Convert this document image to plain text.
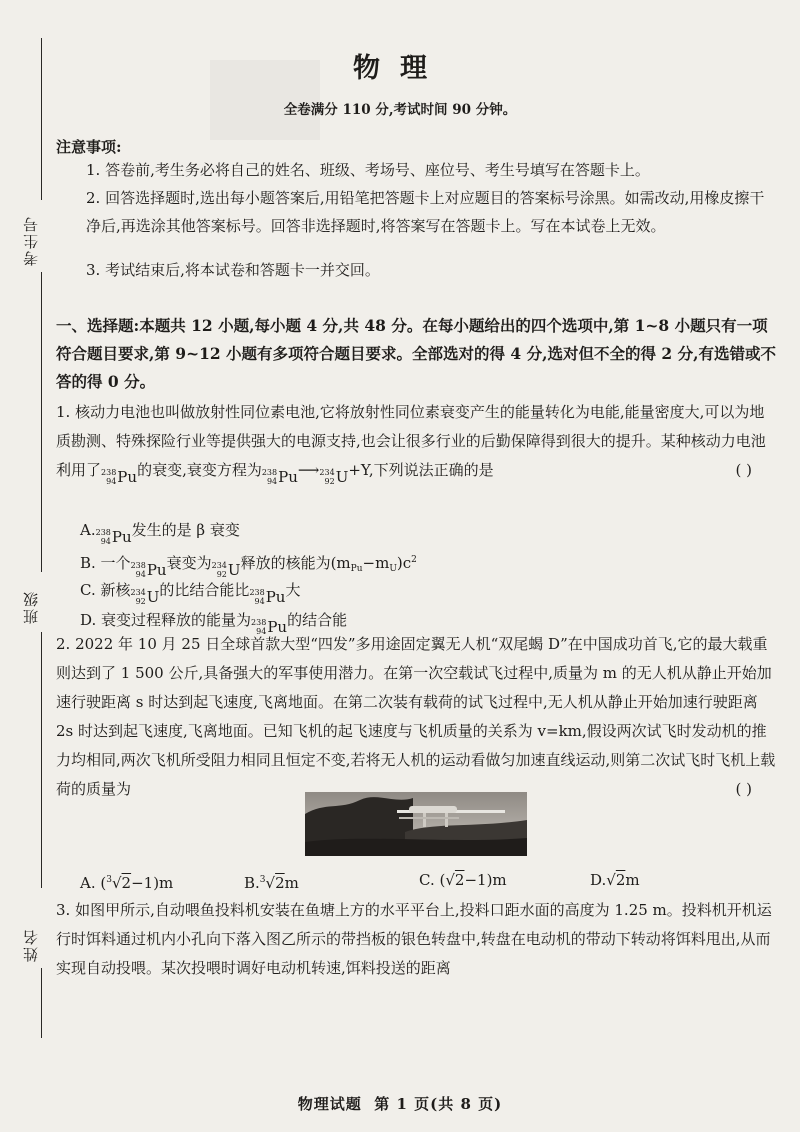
考生号
班级
姓名
物理
全卷满分 110 分,考试时间 90 分钟。
注意事项:
1. 答卷前,考生务必将自己的姓名、班级、考场号、座位号、考生号填写在答题卡上。
2. 回答选择题时,选出每小题答案后,用铅笔把答题卡上对应题目的答案标号涂黑。如需改动,用橡皮擦干净后,再选涂其他答案标号。回答非选择题时,将答案写在答题卡上。写在本试卷上无效。
3. 考试结束后,将本试卷和答题卡一并交回。
一、选择题:本题共 12 小题,每小题 4 分,共 48 分。在每小题给出的四个选项中,第 1~8 小题只有一项符合题目要求,第 9~12 小题有多项符合题目要求。全部选对的得 4 分,选对但不全的得 2 分,有选错或不答的得 0 分。
1. 核动力电池也叫做放射性同位素电池,它将放射性同位素衰变产生的能量转化为电能,能量密度大,可以为地质勘测、特殊探险行业等提供强大的电源支持,也会让很多行业的后勤保障得到很大的提升。某种核动力电池利用了 238
94 Pu 的衰变,衰变方程为 238
94 Pu ⟶ 234
92 U +Y,下列说法正确的是	( )
A. 238
94 Pu 发生的是 β 衰变
B. 一个 238
94 Pu 衰变为 234
92 U 释放的核能为$(m_{Pu}-m_U)c^2$
C. 新核 234
92 U 的比结合能比 238
94 Pu 大
D. 衰变过程释放的能量为 238
94 Pu 的结合能
2. 2022 年 10 月 25 日全球首款大型“四发”多用途固定翼无人机“双尾蝎 D”在中国成功首飞,它的最大载重则达到了 1 500 公斤,具备强大的军事使用潜力。在第一次空载试飞过程中,质量为 m 的无人机从静止开始加速行驶距离 s 时达到起飞速度,飞离地面。在第二次装有载荷的试飞过程中,无人机从静止开始加速行驶距离 2s 时达到起飞速度,飞离地面。已知飞机的起飞速度与飞机质量的关系为 v=km,假设两次试飞时发动机的推力均相同,两次飞机所受阻力相同且恒定不变,若将无人机的运动看做匀加速直线运动,则第二次试飞时飞机上载荷的质量为	( )
A. ($^3$√2−1)m	B.$^3$√2m	C. (√2−1)m	D.√2m
3. 如图甲所示,自动喂鱼投料机安装在鱼塘上方的水平平台上,投料口距水面的高度为 1.25 m。投料机开机运行时饵料通过机内小孔向下落入图乙所示的带挡板的银色转盘中,转盘在电动机的带动下转动将饵料甩出,从而实现自动投喂。某次投喂时调好电动机转速,饵料投送的距离
物理试题 第 1 页(共 8 页)
